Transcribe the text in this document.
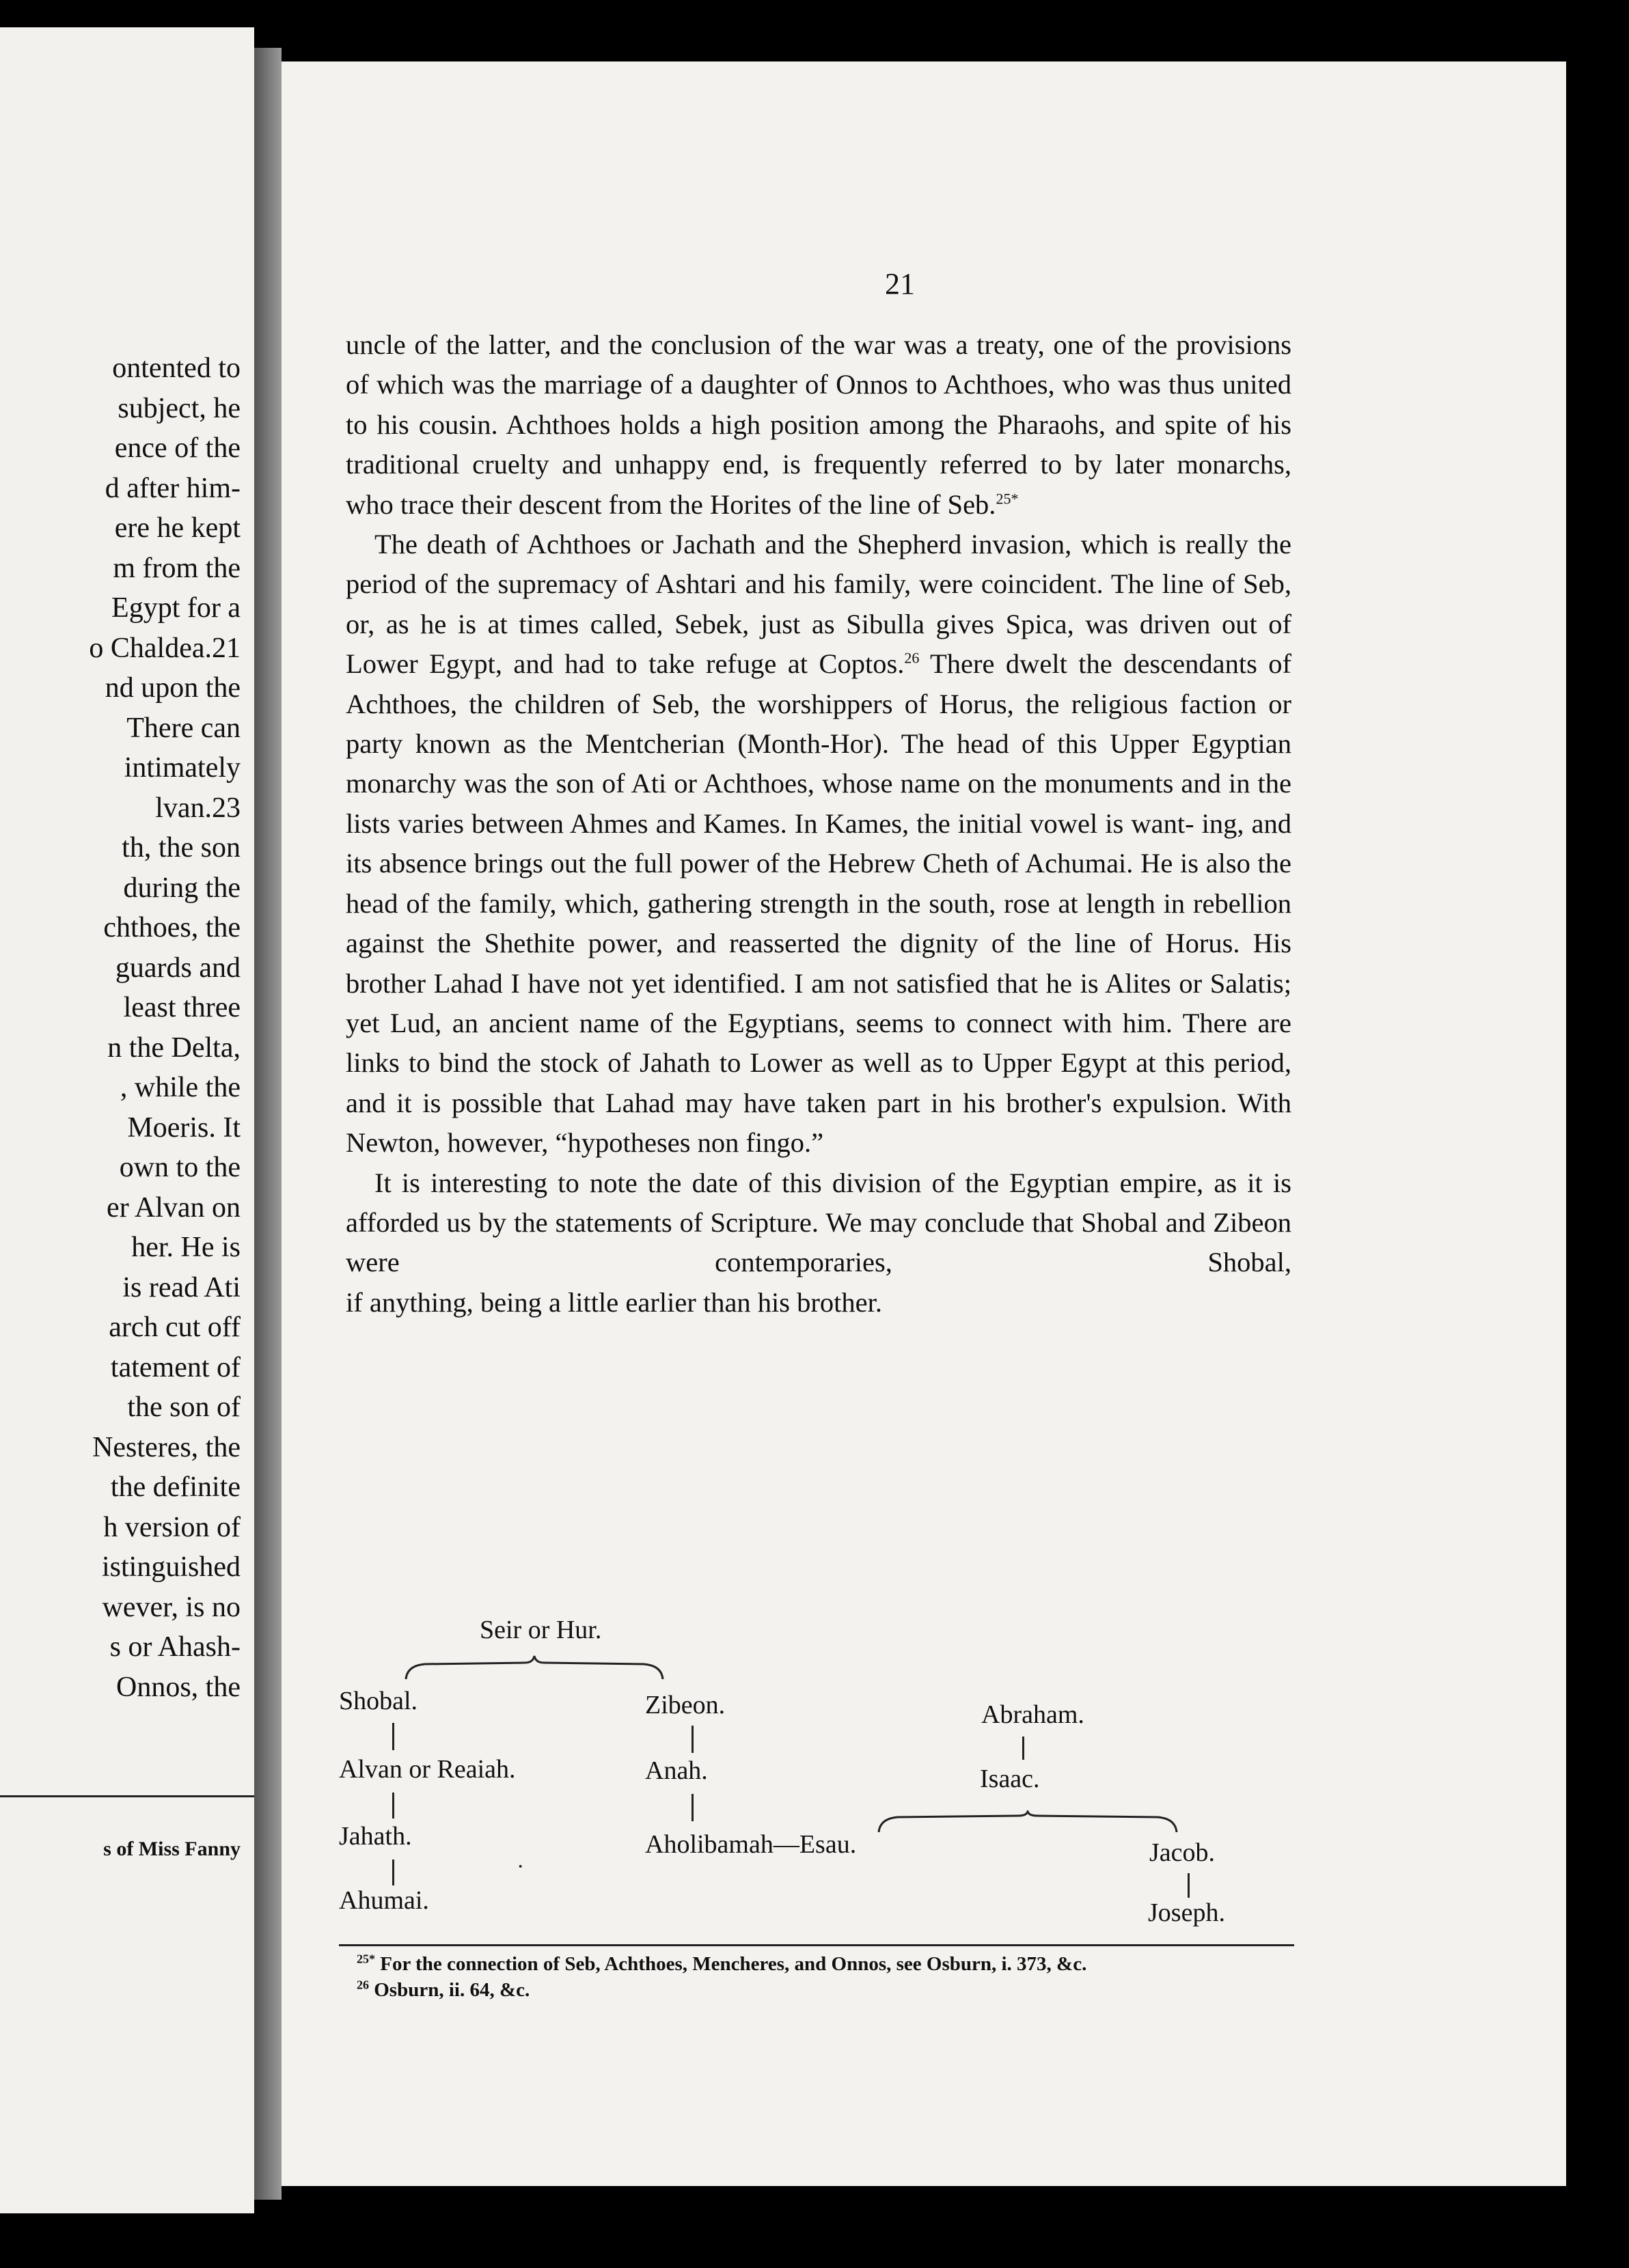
ontented to
subject, he
ence of the
d after him-
ere he kept
m from the
Egypt for a
o Chaldea.21
nd upon the
There can
intimately
lvan.23
th, the son
during the
chthoes, the
guards and
least three
n the Delta,
, while the
Moeris. It
own to the
er Alvan on
her. He is
is read Ati
arch cut off
tatement of
the son of
Nesteres, the
the definite
h version of
istinguished
wever, is no
s or Ahash-
Onnos, the
s of Miss Fanny
21

uncle of the latter, and the conclusion of the war was a treaty, one of the provisions of which was the marriage of a daughter of Onnos to Achthoes, who was thus united to his cousin. Achthoes holds a high position among the Pharaohs, and spite of his traditional cruelty and unhappy end, is frequently referred to by later monarchs,

who trace their descent from the Horites of the line of Seb.$^{25*}$

The death of Achthoes or Jachath and the Shepherd invasion, which is really the period of the supremacy of Ashtari and his family, were coincident. The line of Seb, or, as he is at times called, Sebek, just as Sibulla gives Spica, was driven out of Lower Egypt, and had to take refuge at Coptos.$^{26}$ There dwelt the descendants of Achthoes, the children of Seb, the worshippers of Horus, the religious faction or party known as the Mentcherian (Month-Hor). The head of this Upper Egyptian monarchy was the son of Ati or Achthoes, whose name on the monuments and in the lists varies between Ahmes and Kames. In Kames, the initial vowel is want- ing, and its absence brings out the full power of the Hebrew Cheth of Achumai. He is also the head of the family, which, gathering strength in the south, rose at length in rebellion against the Shethite power, and reasserted the dignity of the line of Horus. His brother Lahad I have not yet identified. I am not satisfied that he is Alites or Salatis; yet Lud, an ancient name of the Egyptians, seems to connect with him. There are links to bind the stock of Jahath to Lower as well as to Upper Egypt at this period, and it is possible that Lahad may have taken part in his brother's expulsion. With

Newton, however, “hypotheses non fingo.”

It is interesting to note the date of this division of the Egyptian empire, as it is afforded us by the statements of Scripture. We may conclude that Shobal and Zibeon were contemporaries, Shobal,

if anything, being a little earlier than his brother.

Seir or Hur.
Shobal.
Alvan or Reaiah.
Jahath.
Ahumai.
Zibeon.
Anah.
Aholibamah—Esau.
Abraham.
Isaac.
Jacob.
Joseph.
·
$^{25*}$ For the connection of Seb, Achthoes, Mencheres, and Onnos, see Osburn, i. 373, &c.
$^{26}$ Osburn, ii. 64, &c.
